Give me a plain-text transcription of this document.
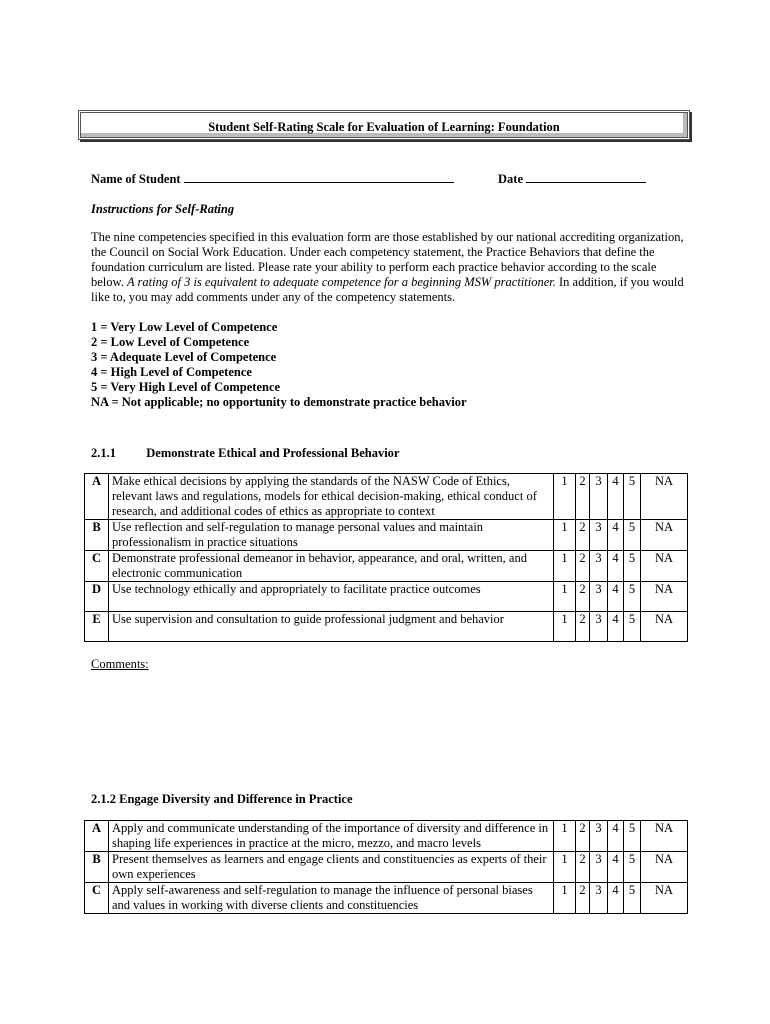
Student Self-Rating Scale for Evaluation of Learning: Foundation
Name of Student	Date
Instructions for Self-Rating
The nine competencies specified in this evaluation form are those established by our national accrediting organization, the Council on Social Work Education. Under each competency statement, the Practice Behaviors that define the foundation curriculum are listed. Please rate your ability to perform each practice behavior according to the scale below. A rating of 3 is equivalent to adequate competence for a beginning MSW practitioner. In addition, if you would like to, you may add comments under any of the competency statements.
1 = Very Low Level of Competence
2 = Low Level of Competence
3 = Adequate Level of Competence
4 = High Level of Competence
5 = Very High Level of Competence
NA = Not applicable; no opportunity to demonstrate practice behavior
2.1.1 Demonstrate Ethical and Professional Behavior
A	Make ethical decisions by applying the standards of the NASW Code of Ethics, relevant laws and regulations, models for ethical decision-making, ethical conduct of research, and additional codes of ethics as appropriate to context	1	2	3	4	5	NA
B	Use reflection and self-regulation to manage personal values and maintain professionalism in practice situations	1	2	3	4	5	NA
C	Demonstrate professional demeanor in behavior, appearance, and oral, written, and electronic communication	1	2	3	4	5	NA
D	Use technology ethically and appropriately to facilitate practice outcomes	1	2	3	4	5	NA
E	Use supervision and consultation to guide professional judgment and behavior	1	2	3	4	5	NA
Comments:
2.1.2 Engage Diversity and Difference in Practice
A	Apply and communicate understanding of the importance of diversity and difference in shaping life experiences in practice at the micro, mezzo, and macro levels	1	2	3	4	5	NA
B	Present themselves as learners and engage clients and constituencies as experts of their own experiences	1	2	3	4	5	NA
C	Apply self-awareness and self-regulation to manage the influence of personal biases and values in working with diverse clients and constituencies	1	2	3	4	5	NA
